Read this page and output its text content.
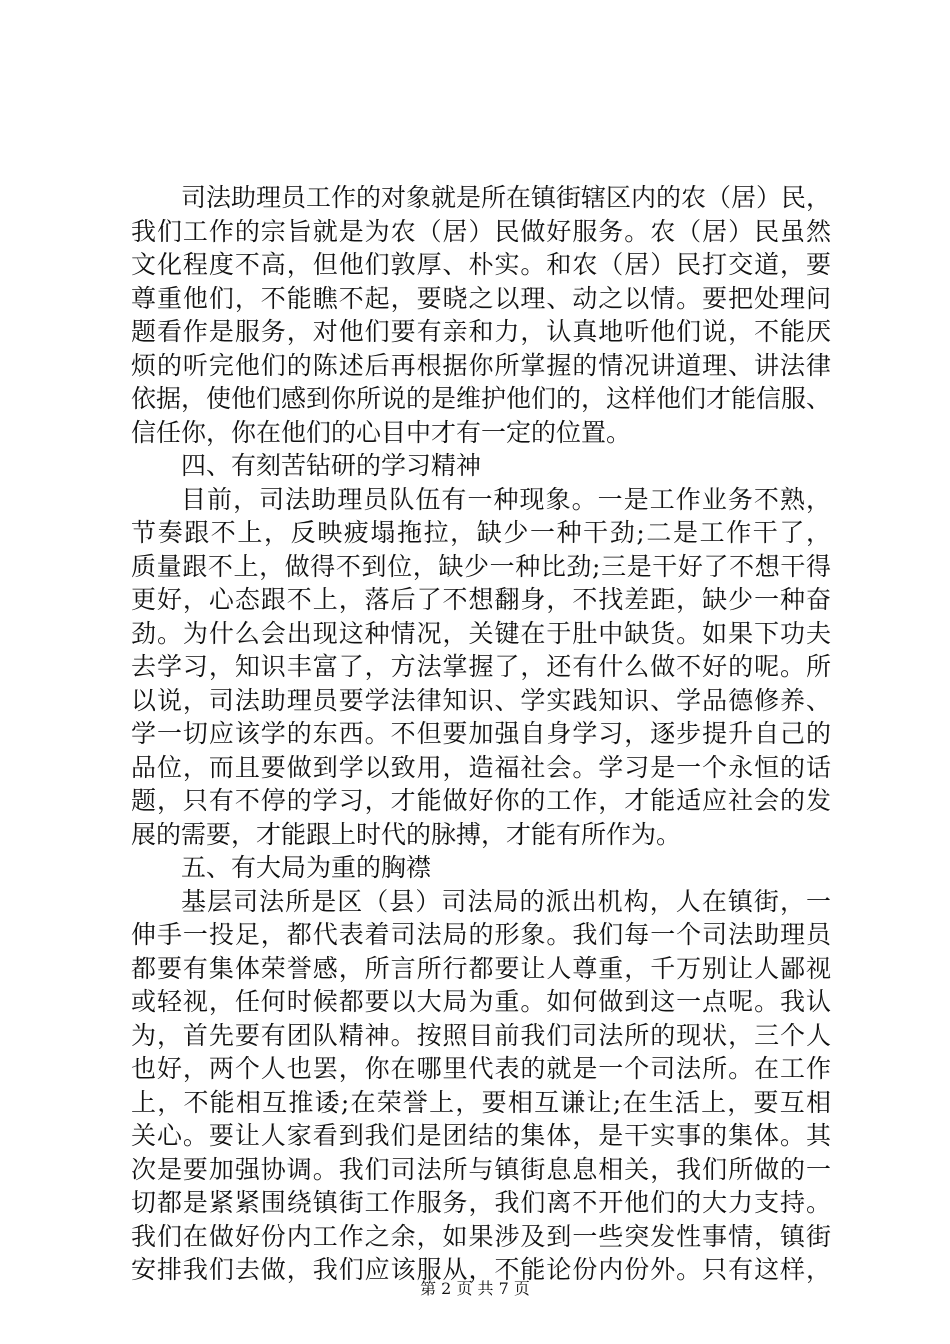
司法助理员工作的对象就是所在镇街辖区内的农（居）民，
我们工作的宗旨就是为农（居）民做好服务。农（居）民虽然
文化程度不高，但他们敦厚、朴实。和农（居）民打交道，要
尊重他们，不能瞧不起，要晓之以理、动之以情。要把处理问
题看作是服务，对他们要有亲和力，认真地听他们说，不能厌
烦的听完他们的陈述后再根据你所掌握的情况讲道理、讲法律
依据，使他们感到你所说的是维护他们的，这样他们才能信服、
信任你，你在他们的心目中才有一定的位置。
四、有刻苦钻研的学习精神
目前，司法助理员队伍有一种现象。一是工作业务不熟，
节奏跟不上，反映疲塌拖拉，缺少一种干劲;二是工作干了，
质量跟不上，做得不到位，缺少一种比劲;三是干好了不想干得
更好，心态跟不上，落后了不想翻身，不找差距，缺少一种奋
劲。为什么会出现这种情况，关键在于肚中缺货。如果下功夫
去学习，知识丰富了，方法掌握了，还有什么做不好的呢。所
以说，司法助理员要学法律知识、学实践知识、学品德修养、
学一切应该学的东西。不但要加强自身学习，逐步提升自己的
品位，而且要做到学以致用，造福社会。学习是一个永恒的话
题，只有不停的学习，才能做好你的工作，才能适应社会的发
展的需要，才能跟上时代的脉搏，才能有所作为。
五、有大局为重的胸襟
基层司法所是区（县）司法局的派出机构，人在镇街，一
伸手一投足，都代表着司法局的形象。我们每一个司法助理员
都要有集体荣誉感，所言所行都要让人尊重，千万别让人鄙视
或轻视，任何时候都要以大局为重。如何做到这一点呢。我认
为，首先要有团队精神。按照目前我们司法所的现状，三个人
也好，两个人也罢，你在哪里代表的就是一个司法所。在工作
上，不能相互推诿;在荣誉上，要相互谦让;在生活上，要互相
关心。要让人家看到我们是团结的集体，是干实事的集体。其
次是要加强协调。我们司法所与镇街息息相关，我们所做的一
切都是紧紧围绕镇街工作服务，我们离不开他们的大力支持。
我们在做好份内工作之余，如果涉及到一些突发性事情，镇街
安排我们去做，我们应该服从，不能论份内份外。只有这样，
第 2 页 共 7 页
